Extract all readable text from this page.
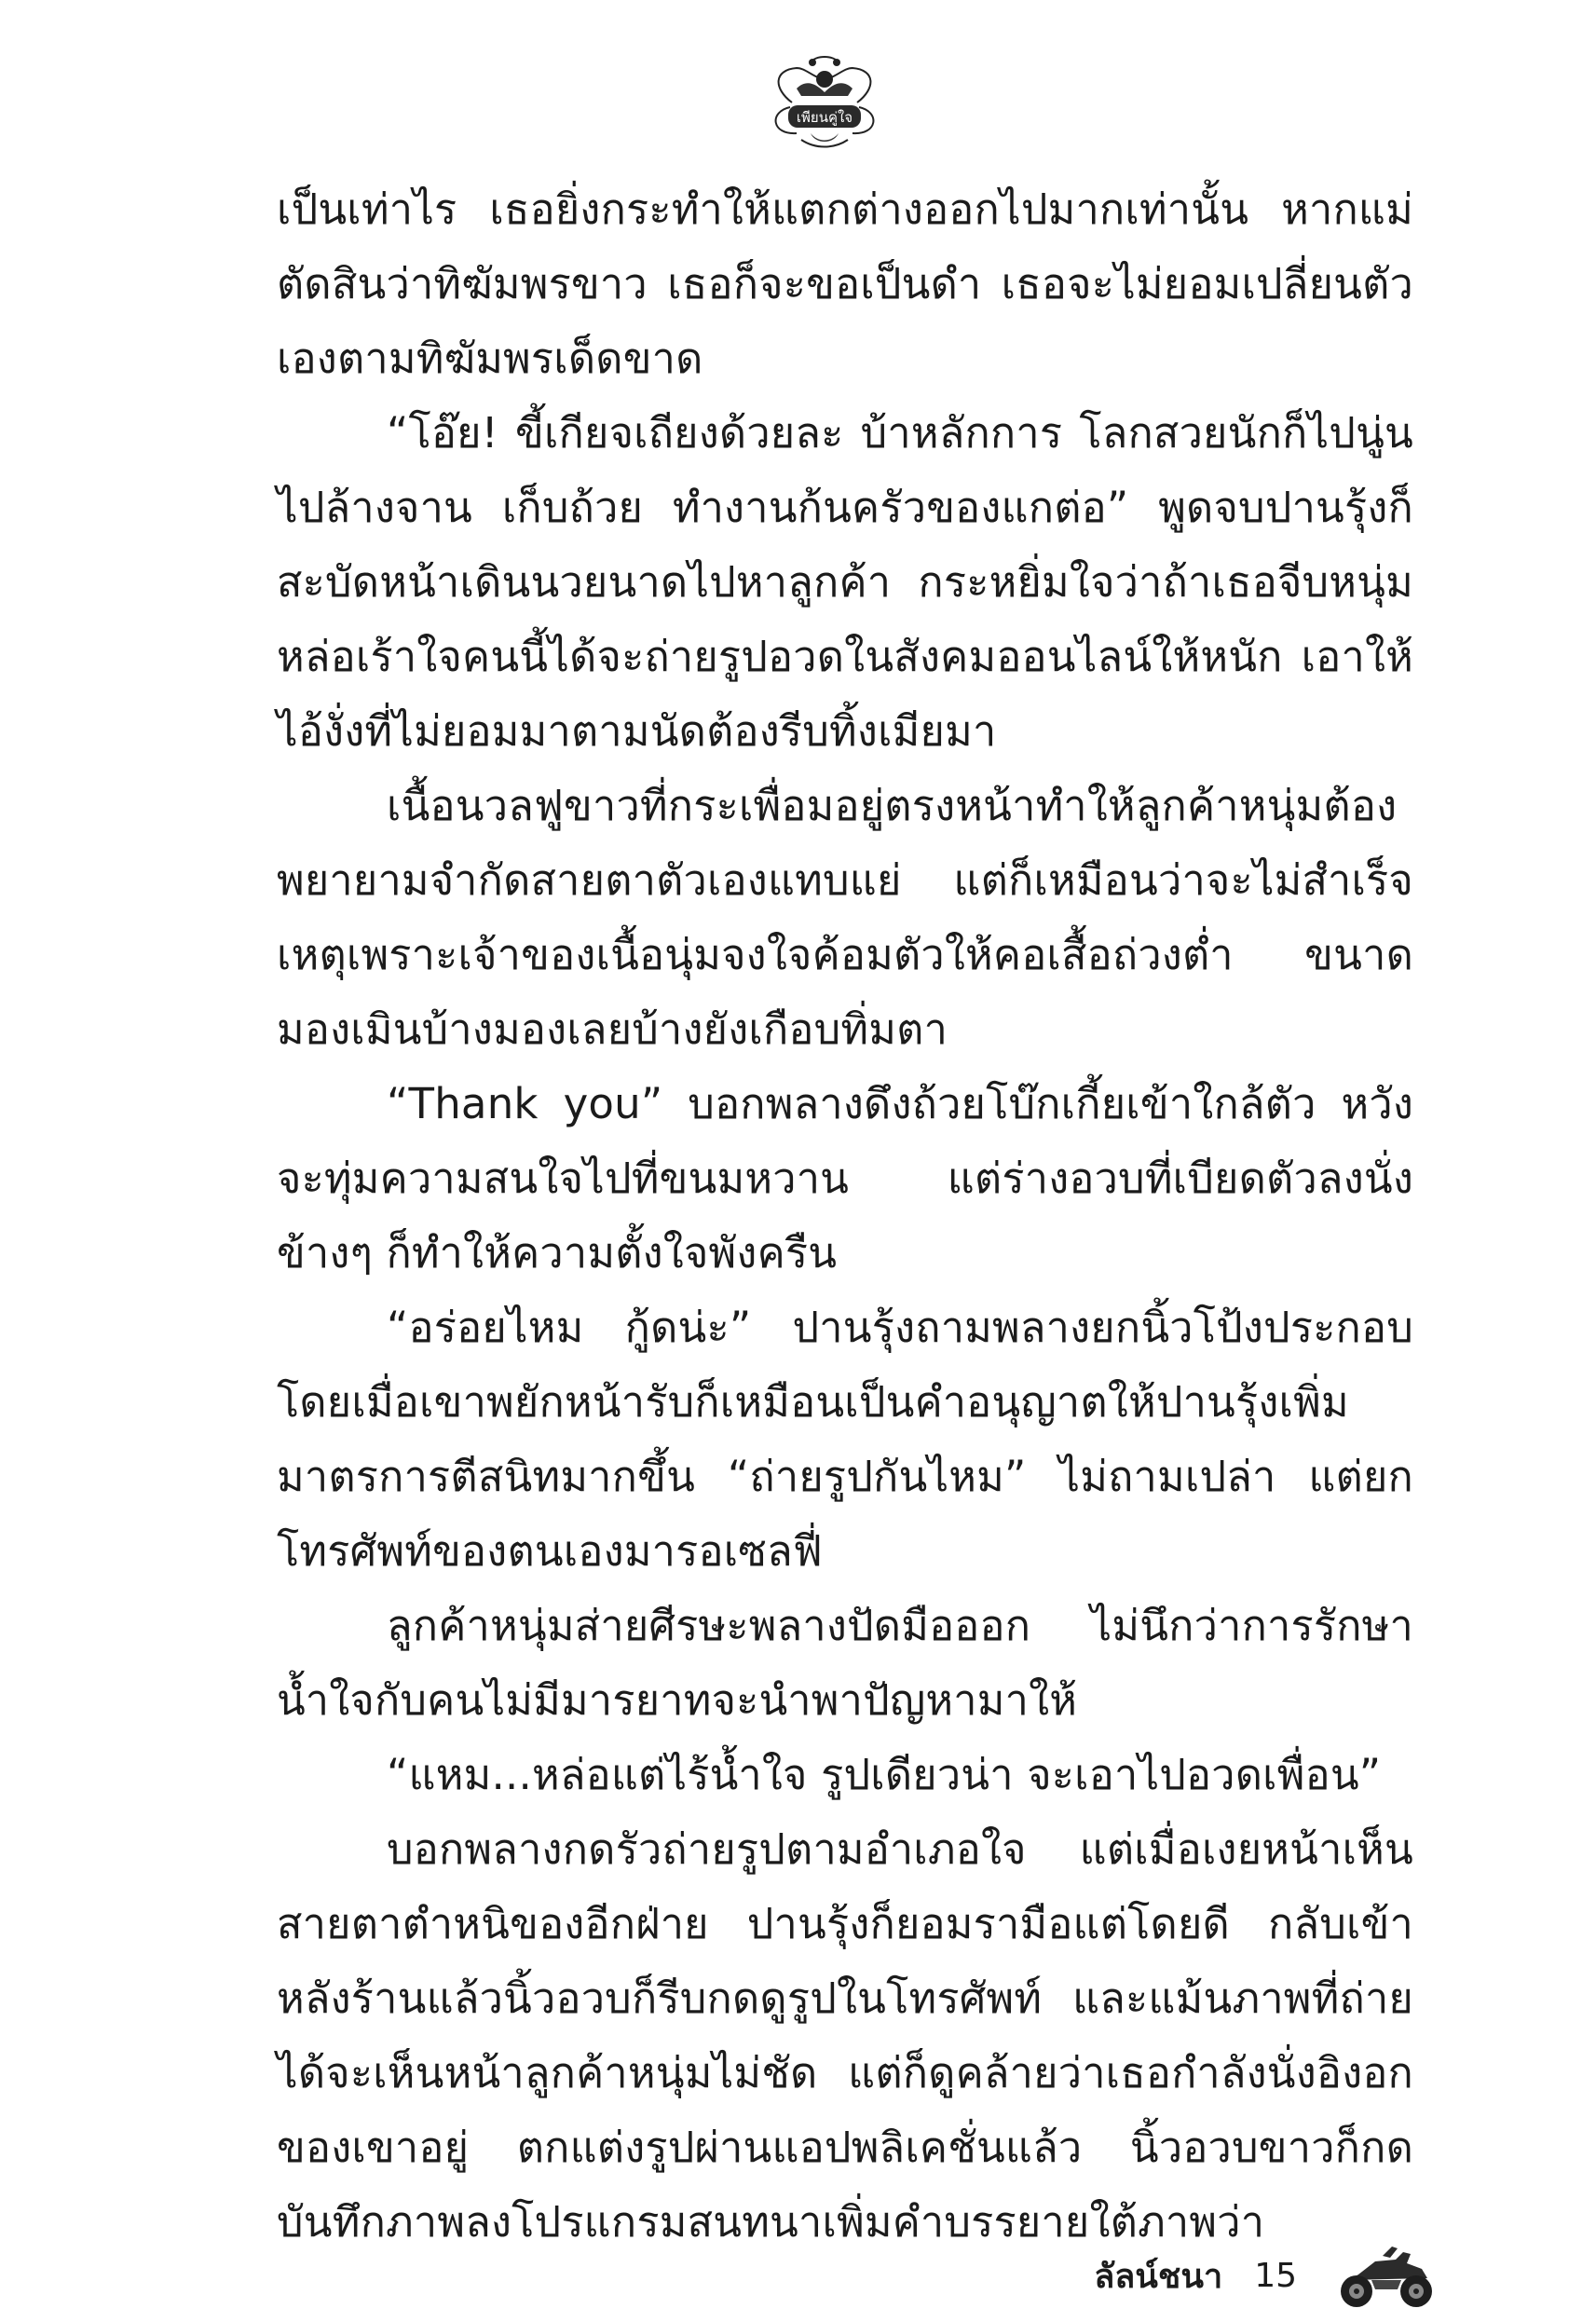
เพียนคู่ใจ

เป็นเท่าไร เธอยิ่งกระทำให้แตกต่างออกไปมากเท่านั้น หากแม่ตัดสินว่าทิฆัมพรขาว เธอก็จะขอเป็นดำ เธอจะไม่ยอมเปลี่ยนตัวเองตามทิฆัมพรเด็ดขาด

“โอ๊ย! ขี้เกียจเถียงด้วยละ บ้าหลักการ โลกสวยนักก็ไปนู่นไปล้างจาน เก็บถ้วย ทำงานก้นครัวของแกต่อ” พูดจบปานรุ้งก็สะบัดหน้าเดินนวยนาดไปหาลูกค้า กระหยิ่มใจว่าถ้าเธอจีบหนุ่มหล่อเร้าใจคนนี้ได้จะถ่ายรูปอวดในสังคมออนไลน์ให้หนัก เอาให้ไอ้งั่งที่ไม่ยอมมาตามนัดต้องรีบทิ้งเมียมา

เนื้อนวลฟูขาวที่กระเพื่อมอยู่ตรงหน้าทำให้ลูกค้าหนุ่มต้องพยายามจำกัดสายตาตัวเองแทบแย่ แต่ก็เหมือนว่าจะไม่สำเร็จ เหตุเพราะเจ้าของเนื้อนุ่มจงใจค้อมตัวให้คอเสื้อถ่วงต่ำ ขนาดมองเมินบ้างมองเลยบ้างยังเกือบทิ่มตา

“Thank you” บอกพลางดึงถ้วยโบ๊กเกี้ยเข้าใกล้ตัว หวังจะทุ่มความสนใจไปที่ขนมหวาน แต่ร่างอวบที่เบียดตัวลงนั่งข้างๆ ก็ทำให้ความตั้งใจพังครืน

“อร่อยไหม กู้ดน่ะ” ปานรุ้งถามพลางยกนิ้วโป้งประกอบ โดยเมื่อเขาพยักหน้ารับก็เหมือนเป็นคำอนุญาตให้ปานรุ้งเพิ่มมาตรการตีสนิทมากขึ้น “ถ่ายรูปกันไหม” ไม่ถามเปล่า แต่ยกโทรศัพท์ของตนเองมารอเซลฟี่

ลูกค้าหนุ่มส่ายศีรษะพลางปัดมือออก ไม่นึกว่าการรักษาน้ำใจกับคนไม่มีมารยาทจะนำพาปัญหามาให้

“แหม...หล่อแต่ไร้น้ำใจ รูปเดียวน่า จะเอาไปอวดเพื่อน”

บอกพลางกดรัวถ่ายรูปตามอำเภอใจ แต่เมื่อเงยหน้าเห็นสายตาตำหนิของอีกฝ่าย ปานรุ้งก็ยอมรามือแต่โดยดี กลับเข้าหลังร้านแล้วนิ้วอวบก็รีบกดดูรูปในโทรศัพท์ และแม้นภาพที่ถ่ายได้จะเห็นหน้าลูกค้าหนุ่มไม่ชัด แต่ก็ดูคล้ายว่าเธอกำลังนั่งอิงอกของเขาอยู่ ตกแต่งรูปผ่านแอปพลิเคชั่นแล้ว นิ้วอวบขาวก็กดบันทึกภาพลงโปรแกรมสนทนาเพิ่มคำบรรยายใต้ภาพว่า

ลัลน์ชนา 15
